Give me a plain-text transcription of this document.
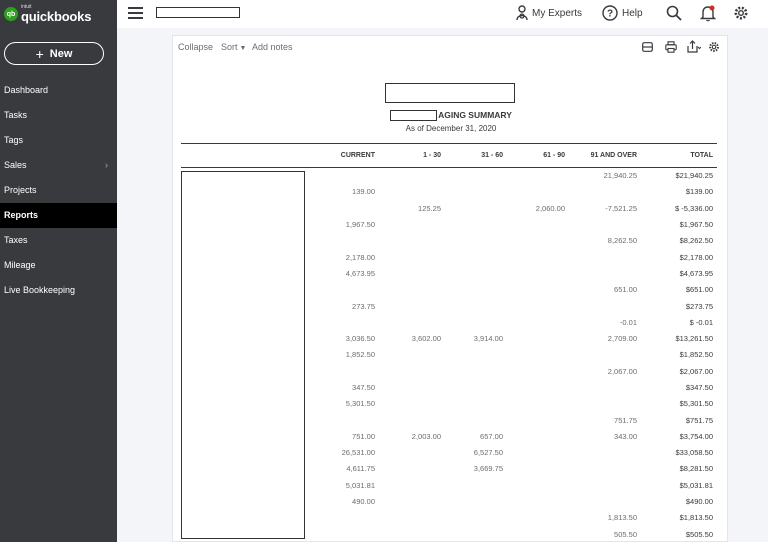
qb
intuit
quickbooks
+ New
Dashboard
Tasks
Tags
Sales	›
Projects
Reports
Taxes
Mileage
Live Bookkeeping
My Experts ? Help
Collapse Sort ▼ Add notes
AGING SUMMARY
As of December 31, 2020
	CURRENT	1 - 30	31 - 60	61 - 90	91 AND OVER	TOTAL
					21,940.25	$21,940.25
	139.00					$139.00
		125.25		2,060.00	-7,521.25	$ -5,336.00
	1,967.50					$1,967.50
					8,262.50	$8,262.50
	2,178.00					$2,178.00
	4,673.95					$4,673.95
					651.00	$651.00
	273.75					$273.75
					-0.01	$ -0.01
	3,036.50	3,602.00	3,914.00		2,709.00	$13,261.50
	1,852.50					$1,852.50
					2,067.00	$2,067.00
	347.50					$347.50
	5,301.50					$5,301.50
					751.75	$751.75
	751.00	2,003.00	657.00		343.00	$3,754.00
	26,531.00		6,527.50			$33,058.50
	4,611.75		3,669.75			$8,281.50
	5,031.81					$5,031.81
	490.00					$490.00
					1,813.50	$1,813.50
					505.50	$505.50
